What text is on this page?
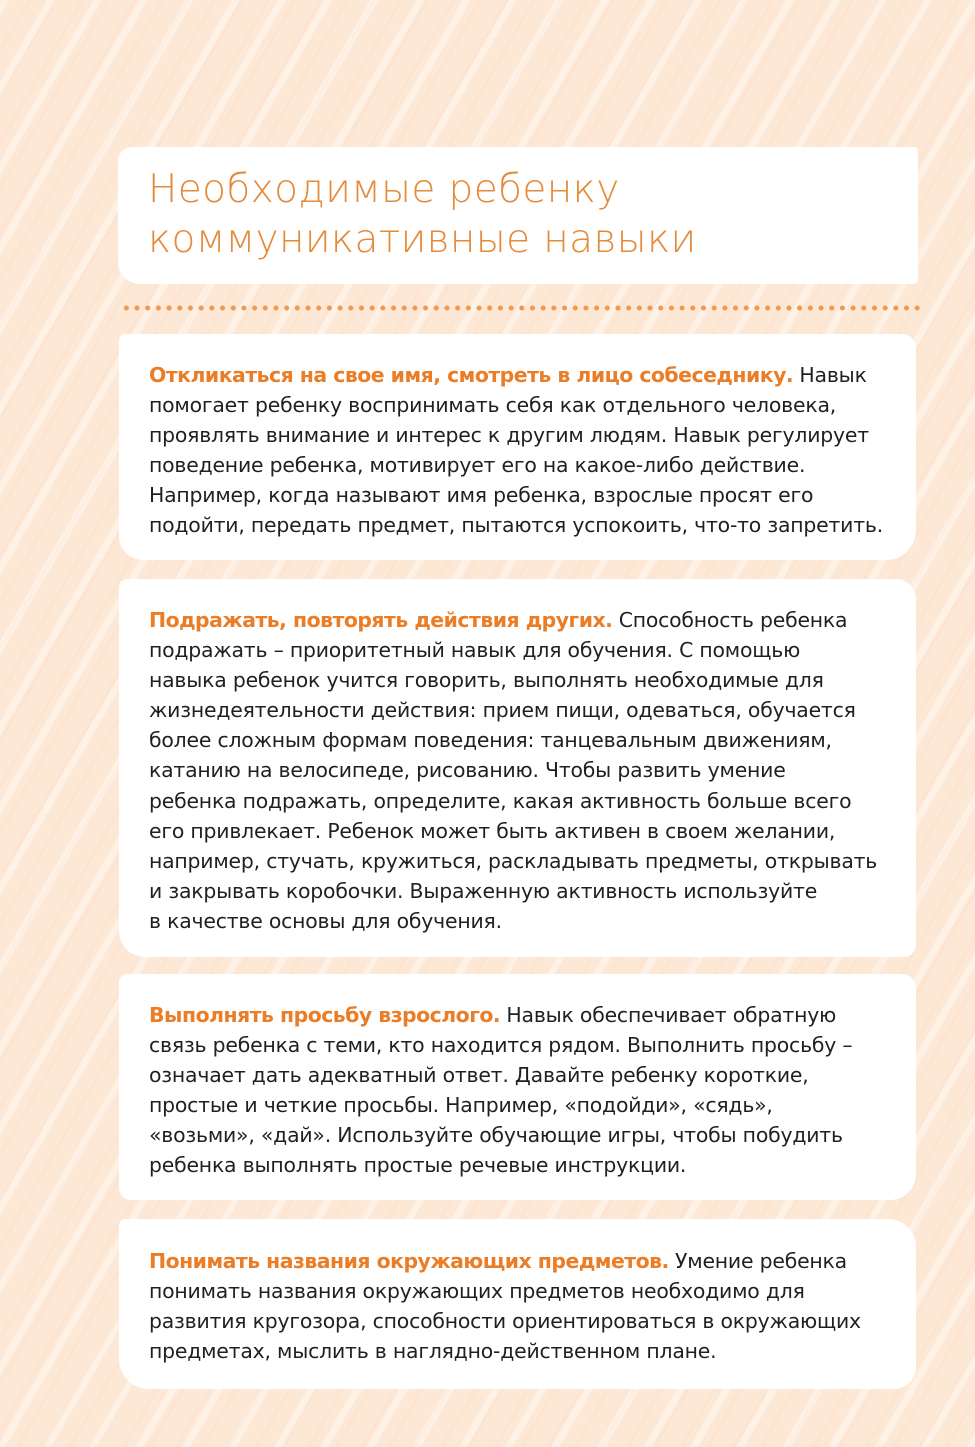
Необходимые ребенку
коммуникативные навыки

Откликаться на свое имя, смотреть в лицо собеседнику. Навык
помогает ребенку воспринимать себя как отдельного человека,
проявлять внимание и интерес к другим людям. Навык регулирует
поведение ребенка, мотивирует его на какое-либо действие.
Например, когда называют имя ребенка, взрослые просят его
подойти, передать предмет, пытаются успокоить, что-то запретить.

Подражать, повторять действия других. Способность ребенка
подражать – приоритетный навык для обучения. С помощью
навыка ребенок учится говорить, выполнять необходимые для
жизнедеятельности действия: прием пищи, одеваться, обучается
более сложным формам поведения: танцевальным движениям,
катанию на велосипеде, рисованию. Чтобы развить умение
ребенка подражать, определите, какая активность больше всего
его привлекает. Ребенок может быть активен в своем желании,
например, стучать, кружиться, раскладывать предметы, открывать
и закрывать коробочки. Выраженную активность используйте
в качестве основы для обучения.

Выполнять просьбу взрослого. Навык обеспечивает обратную
связь ребенка с теми, кто находится рядом. Выполнить просьбу –
означает дать адекватный ответ. Давайте ребенку короткие,
простые и четкие просьбы. Например, «подойди», «сядь»,
«возьми», «дай». Используйте обучающие игры, чтобы побудить
ребенка выполнять простые речевые инструкции.

Понимать названия окружающих предметов. Умение ребенка
понимать названия окружающих предметов необходимо для
развития кругозора, способности ориентироваться в окружающих
предметах, мыслить в наглядно-действенном плане.
